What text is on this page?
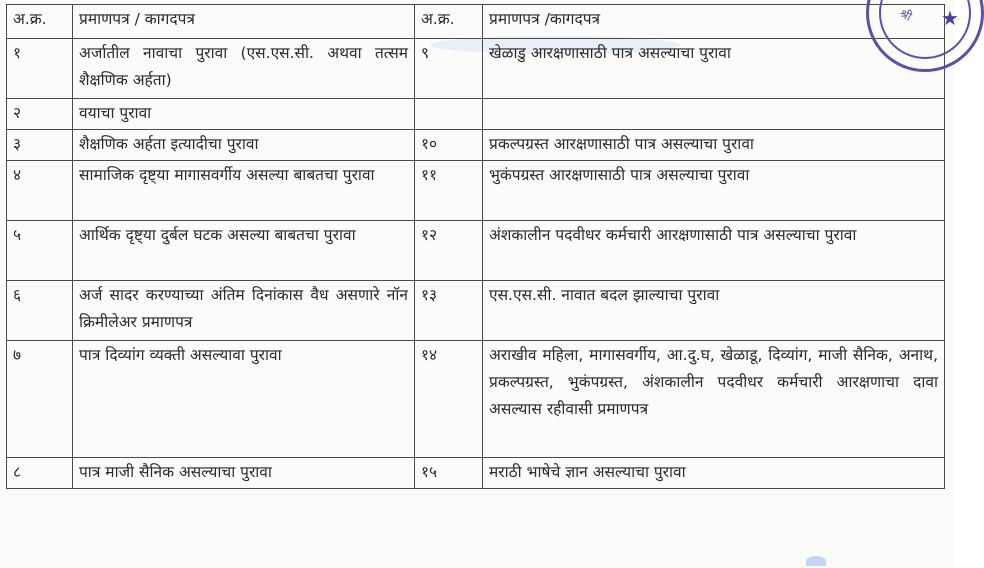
अ.क्र.	प्रमाणपत्र / कागदपत्र	अ.क्र.	प्रमाणपत्र /कागदपत्र
१	अर्जातील नावाचा पुरावा (एस.एस.सी. अथवा तत्सम शैक्षणिक अर्हता)	९	खेळाडु आरक्षणासाठी पात्र असल्याचा पुरावा
२	वयाचा पुरावा		
३	शैक्षणिक अर्हता इत्यादीचा पुरावा	१०	प्रकल्पग्रस्त आरक्षणासाठी पात्र असल्याचा पुरावा
४	सामाजिक दृष्ट्या मागासवर्गीय असल्या बाबतचा पुरावा	११	भुकंपग्रस्त आरक्षणासाठी पात्र असल्याचा पुरावा
५	आर्थिक दृष्ट्या दुर्बल घटक असल्या बाबतचा पुरावा	१२	अंशकालीन पदवीधर कर्मचारी आरक्षणासाठी पात्र असल्याचा पुरावा
६	अर्ज सादर करण्याच्या अंतिम दिनांकास वैध असणारे नॉन क्रिमीलेअर प्रमाणपत्र	१३	एस.एस.सी. नावात बदल झाल्याचा पुरावा
७	पात्र दिव्यांग व्यक्ती असल्यावा पुरावा	१४	अराखीव महिला, मागासवर्गीय, आ.दु.घ, खेळाडू, दिव्यांग, माजी सैनिक, अनाथ, प्रकल्पग्रस्त, भुकंपग्रस्त, अंशकालीन पदवीधर कर्मचारी आरक्षणाचा दावा असल्यास रहीवासी प्रमाणपत्र
८	पात्र माजी सैनिक असल्याचा पुरावा	१५	मराठी भाषेचे ज्ञान असल्याचा पुरावा
श्री ★
